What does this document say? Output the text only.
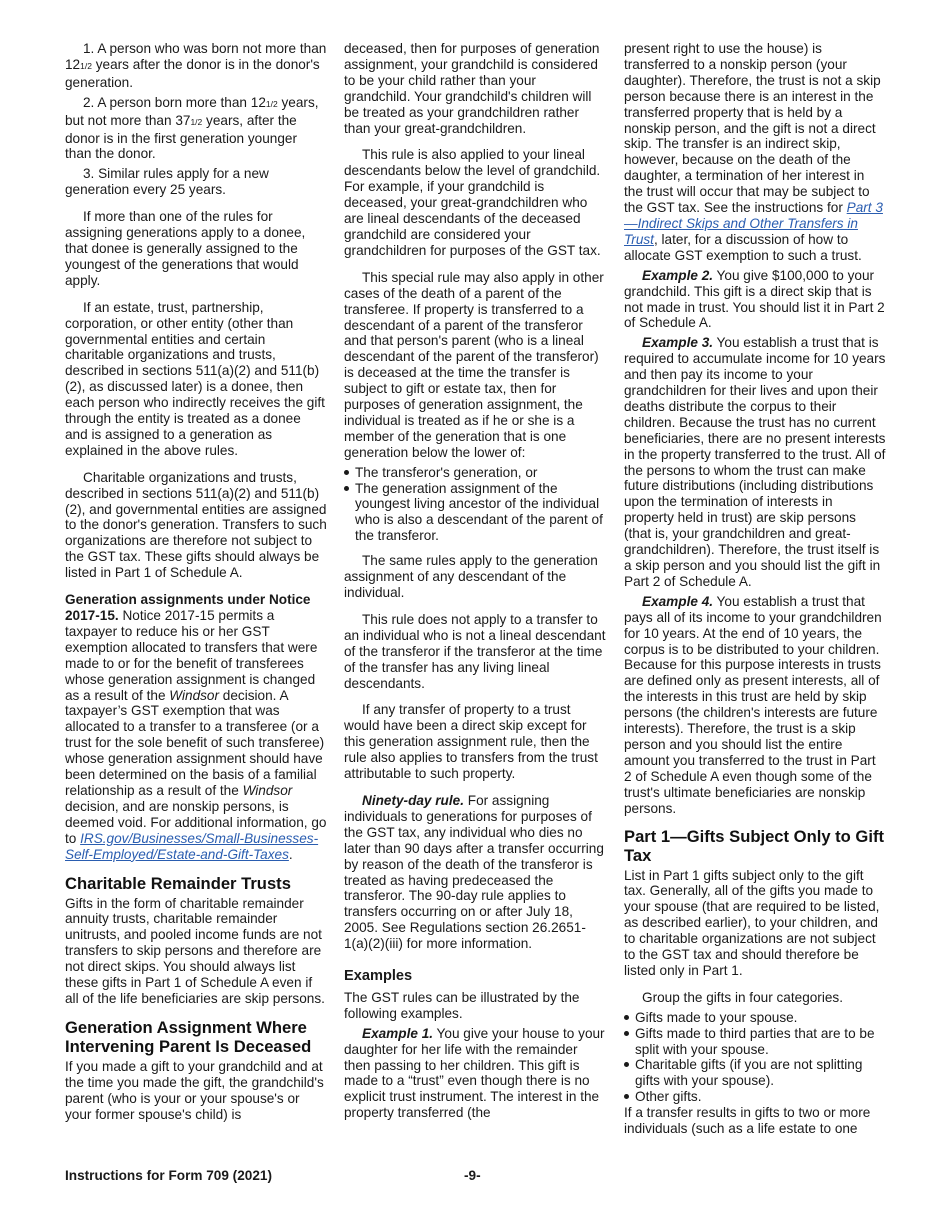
1. A person who was born not more than 121/2 years after the donor is in the donor's generation.

2. A person born more than 121/2 years, but not more than 371/2 years, after the donor is in the first generation younger than the donor.

3. Similar rules apply for a new generation every 25 years.

If more than one of the rules for assigning generations apply to a donee, that donee is generally assigned to the youngest of the generations that would apply.

If an estate, trust, partnership, corporation, or other entity (other than governmental entities and certain charitable organizations and trusts, described in sections 511(a)(2) and 511(b)(2), as discussed later) is a donee, then each person who indirectly receives the gift through the entity is treated as a donee and is assigned to a generation as explained in the above rules.

Charitable organizations and trusts, described in sections 511(a)(2) and 511(b)(2), and governmental entities are assigned to the donor's generation. Transfers to such organizations are therefore not subject to the GST tax. These gifts should always be listed in Part 1 of Schedule A.

Generation assignments under Notice 2017-15. Notice 2017-15 permits a taxpayer to reduce his or her GST exemption allocated to transfers that were made to or for the benefit of transferees whose generation assignment is changed as a result of the Windsor decision. A taxpayer’s GST exemption that was allocated to a transfer to a transferee (or a trust for the sole benefit of such transferee) whose generation assignment should have been determined on the basis of a familial relationship as a result of the Windsor decision, and are nonskip persons, is deemed void. For additional information, go to IRS.gov/Businesses/Small-Businesses-Self-Employed/Estate-and-Gift-Taxes.

Charitable Remainder Trusts

Gifts in the form of charitable remainder annuity trusts, charitable remainder unitrusts, and pooled income funds are not transfers to skip persons and therefore are not direct skips. You should always list these gifts in Part 1 of Schedule A even if all of the life beneficiaries are skip persons.

Generation Assignment Where Intervening Parent Is Deceased

If you made a gift to your grandchild and at the time you made the gift, the grandchild's parent (who is your or your spouse's or your former spouse's child) is

deceased, then for purposes of generation assignment, your grandchild is considered to be your child rather than your grandchild. Your grandchild's children will be treated as your grandchildren rather than your great-grandchildren.

This rule is also applied to your lineal descendants below the level of grandchild. For example, if your grandchild is deceased, your great-grandchildren who are lineal descendants of the deceased grandchild are considered your grandchildren for purposes of the GST tax.

This special rule may also apply in other cases of the death of a parent of the transferee. If property is transferred to a descendant of a parent of the transferor and that person's parent (who is a lineal descendant of the parent of the transferor) is deceased at the time the transfer is subject to gift or estate tax, then for purposes of generation assignment, the individual is treated as if he or she is a member of the generation that is one generation below the lower of:

The transferor's generation, or
The generation assignment of the youngest living ancestor of the individual who is also a descendant of the parent of the transferor.

The same rules apply to the generation assignment of any descendant of the individual.

This rule does not apply to a transfer to an individual who is not a lineal descendant of the transferor if the transferor at the time of the transfer has any living lineal descendants.

If any transfer of property to a trust would have been a direct skip except for this generation assignment rule, then the rule also applies to transfers from the trust attributable to such property.

Ninety-day rule. For assigning individuals to generations for purposes of the GST tax, any individual who dies no later than 90 days after a transfer occurring by reason of the death of the transferor is treated as having predeceased the transferor. The 90-day rule applies to transfers occurring on or after July 18, 2005. See Regulations section 26.2651-1(a)(2)(iii) for more information.

Examples

The GST rules can be illustrated by the following examples.

Example 1. You give your house to your daughter for her life with the remainder then passing to her children. This gift is made to a “trust” even though there is no explicit trust instrument. The interest in the property transferred (the

present right to use the house) is transferred to a nonskip person (your daughter). Therefore, the trust is not a skip person because there is an interest in the transferred property that is held by a nonskip person, and the gift is not a direct skip. The transfer is an indirect skip, however, because on the death of the daughter, a termination of her interest in the trust will occur that may be subject to the GST tax. See the instructions for Part 3—Indirect Skips and Other Transfers in Trust, later, for a discussion of how to allocate GST exemption to such a trust.

Example 2. You give $100,000 to your grandchild. This gift is a direct skip that is not made in trust. You should list it in Part 2 of Schedule A.

Example 3. You establish a trust that is required to accumulate income for 10 years and then pay its income to your grandchildren for their lives and upon their deaths distribute the corpus to their children. Because the trust has no current beneficiaries, there are no present interests in the property transferred to the trust. All of the persons to whom the trust can make future distributions (including distributions upon the termination of interests in property held in trust) are skip persons (that is, your grandchildren and great-grandchildren). Therefore, the trust itself is a skip person and you should list the gift in Part 2 of Schedule A.

Example 4. You establish a trust that pays all of its income to your grandchildren for 10 years. At the end of 10 years, the corpus is to be distributed to your children. Because for this purpose interests in trusts are defined only as present interests, all of the interests in this trust are held by skip persons (the children's interests are future interests). Therefore, the trust is a skip person and you should list the entire amount you transferred to the trust in Part 2 of Schedule A even though some of the trust's ultimate beneficiaries are nonskip persons.

Part 1—Gifts Subject Only to Gift Tax

List in Part 1 gifts subject only to the gift tax. Generally, all of the gifts you made to your spouse (that are required to be listed, as described earlier), to your children, and to charitable organizations are not subject to the GST tax and should therefore be listed only in Part 1.

Group the gifts in four categories.

Gifts made to your spouse.
Gifts made to third parties that are to be split with your spouse.
Charitable gifts (if you are not splitting gifts with your spouse).
Other gifts.

If a transfer results in gifts to two or more individuals (such as a life estate to one

Instructions for Form 709 (2021)	-9-
